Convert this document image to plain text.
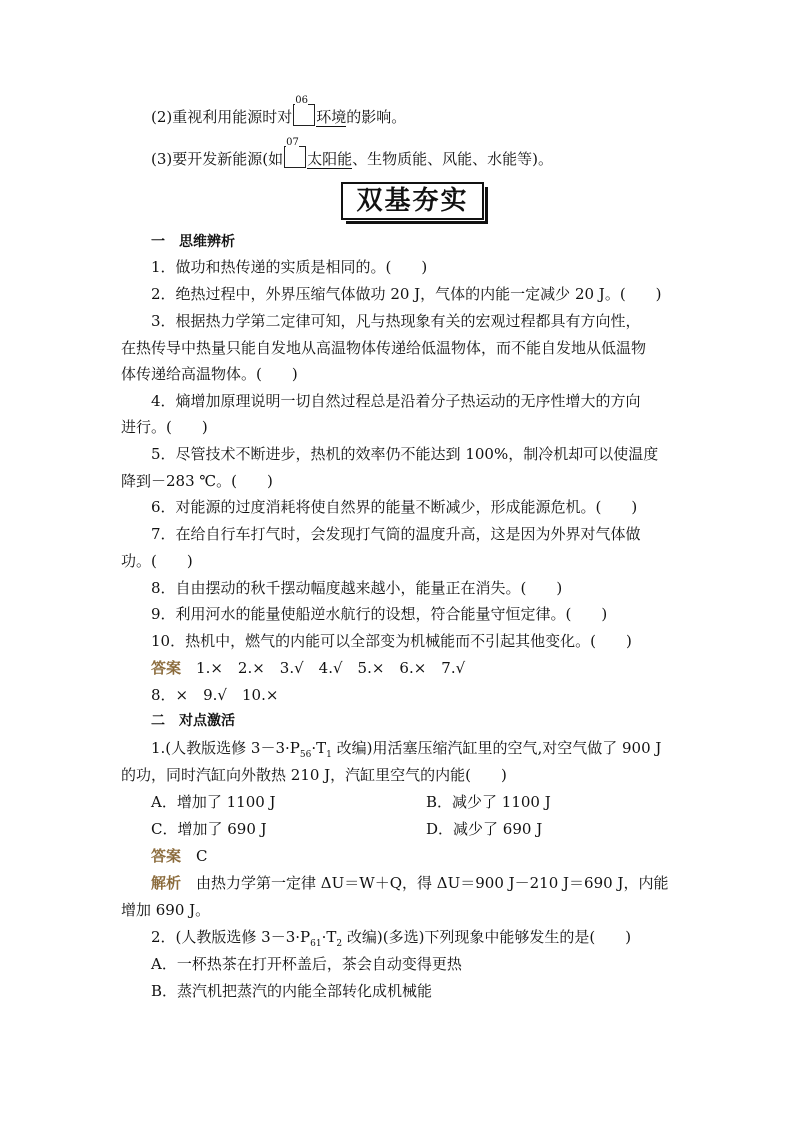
(2)重视利用能源时对
06
环境的影响。
(3)要开发新能源(如
07
太阳能、生物质能、风能、水能等)。
双基夯实
一　思维辨析
1．做功和热传递的实质是相同的。(　　)
2．绝热过程中，外界压缩气体做功 20 J，气体的内能一定减少 20 J。(　　)
3．根据热力学第二定律可知，凡与热现象有关的宏观过程都具有方向性，
在热传导中热量只能自发地从高温物体传递给低温物体，而不能自发地从低温物
体传递给高温物体。(　　)
4．熵增加原理说明一切自然过程总是沿着分子热运动的无序性增大的方向
进行。(　　)
5．尽管技术不断进步，热机的效率仍不能达到 100%，制冷机却可以使温度
降到－283 ℃。(　　)
6．对能源的过度消耗将使自然界的能量不断减少，形成能源危机。(　　)
7．在给自行车打气时，会发现打气筒的温度升高，这是因为外界对气体做
功。(　　)
8．自由摆动的秋千摆动幅度越来越小，能量正在消失。(　　)
9．利用河水的能量使船逆水航行的设想，符合能量守恒定律。(　　)
10．热机中，燃气的内能可以全部变为机械能而不引起其他变化。(　　)
答案　 1.×　2.×　3.√　4.√　5.×　6.×　7.√
8．×　9.√　10.×
二　对点激活
1.(人教版选修 $3-3\cdot P_{56}\cdot T_1$ 改编)用活塞压缩汽缸里的空气,对空气做了 900 J
的功，同时汽缸向外散热 210 J，汽缸里空气的内能(　　)
A．增加了 1100 J	B．减少了 1100 J
C．增加了 690 J	D．减少了 690 J
答案　 C
解析　 由热力学第一定律 ΔU＝W＋Q，得 ΔU＝900 J－210 J＝690 J，内能
增加 690 J。
2．(人教版选修 $3-3\cdot P_{61}\cdot T_2$ 改编)(多选)下列现象中能够发生的是(　　)
A．一杯热茶在打开杯盖后，茶会自动变得更热
B．蒸汽机把蒸汽的内能全部转化成机械能
